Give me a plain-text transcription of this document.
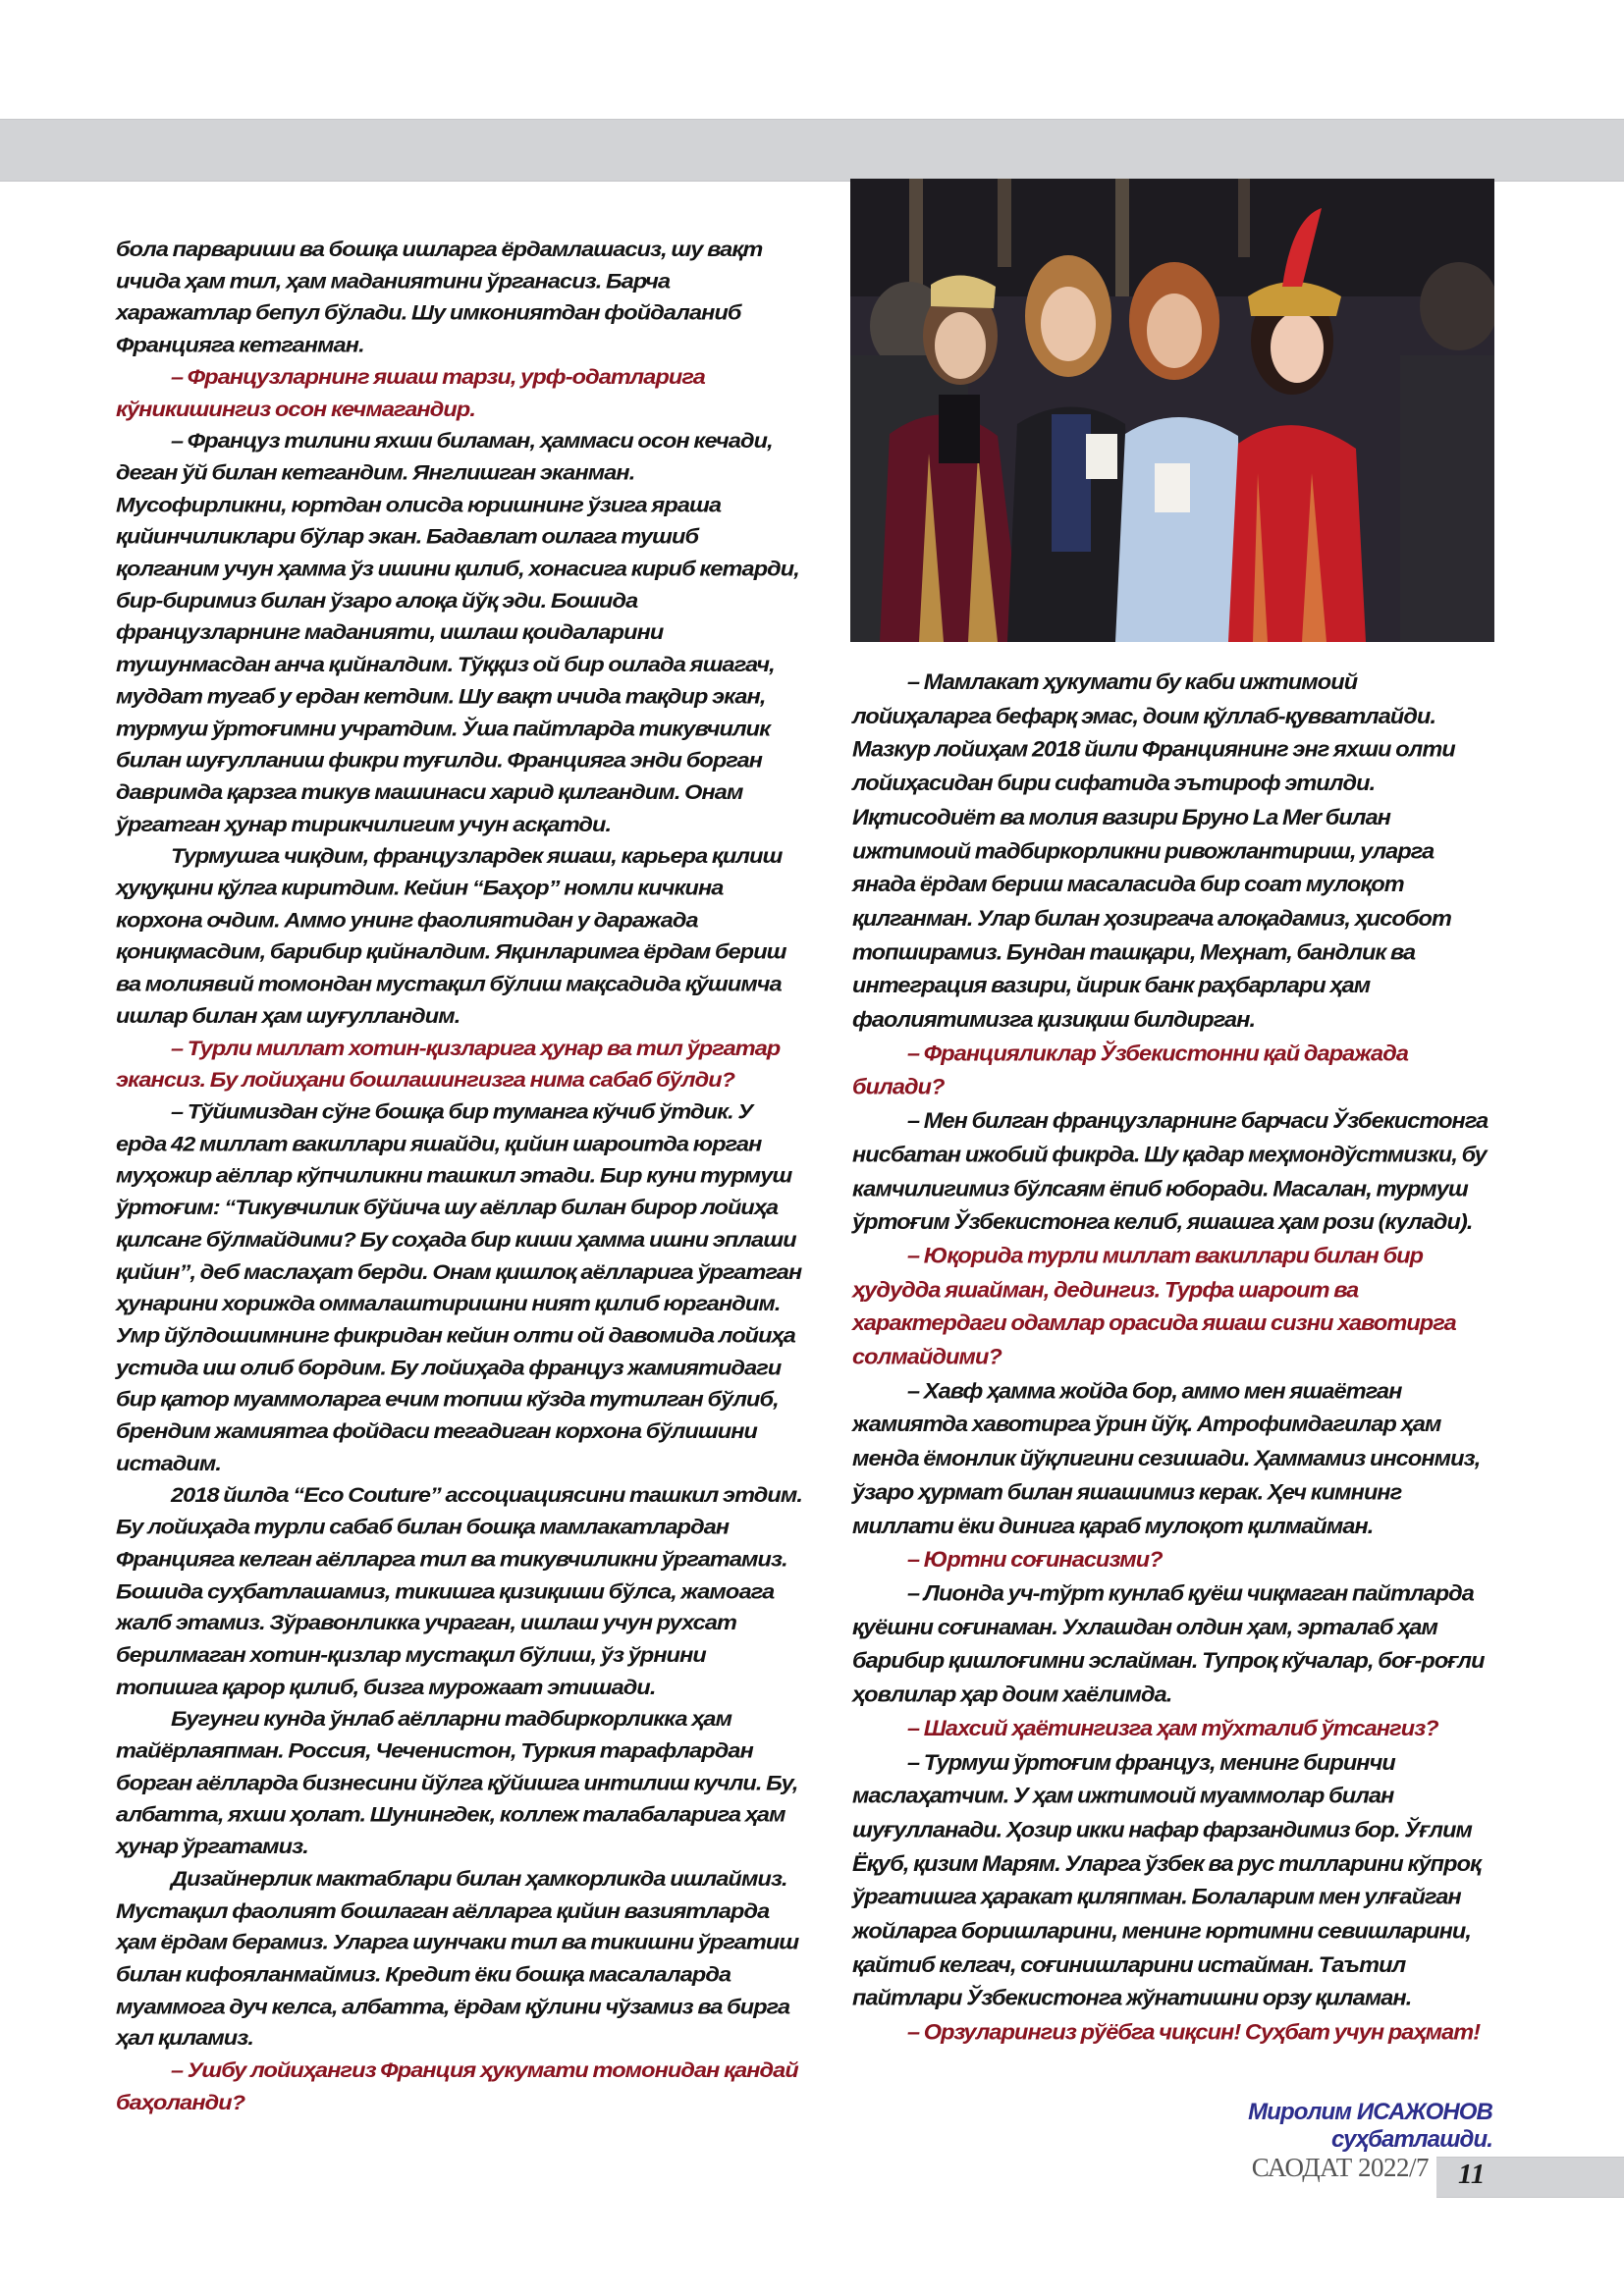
бола парвариши ва бошқа ишларга ёрдамлашасиз, шу вақт ичида ҳам тил, ҳам маданиятини ўрганасиз. Барча харажатлар бепул бўлади. Шу имкониятдан фойдаланиб Францияга кетганман.

– Французларнинг яшаш тарзи, урф-одатларига кўникишингиз осон кечмагандир.

– Француз тилини яхши биламан, ҳаммаси осон кечади, деган ўй билан кетгандим. Янглишган эканман. Мусофирликни, юртдан олисда юришнинг ўзига яраша қийинчиликлари бўлар экан. Бадавлат оилага тушиб қолганим учун ҳамма ўз ишини қилиб, хонасига кириб кетарди, бир-биримиз билан ўзаро алоқа йўқ эди. Бошида французларнинг маданияти, ишлаш қоидаларини тушунмасдан анча қийналдим. Тўққиз ой бир оилада яшагач, муддат тугаб у ердан кетдим. Шу вақт ичида тақдир экан, турмуш ўртоғимни учратдим. Ўша пайтларда тикувчилик билан шуғулланиш фикри туғилди. Францияга энди борган давримда қарзга тикув машинаси харид қилгандим. Онам ўргатган ҳунар тирикчилигим учун асқатди.

Турмушга чиқдим, французлардек яшаш, карьера қилиш ҳуқуқини қўлга киритдим. Кейин “Баҳор” номли кичкина корхона очдим. Аммо унинг фаолиятидан у даражада қониқмасдим, барибир қийналдим. Яқинларимга ёрдам бериш ва молиявий томондан мустақил бўлиш мақсадида қўшимча ишлар билан ҳам шуғулландим.

– Турли миллат хотин-қизларига ҳунар ва тил ўргатар экансиз. Бу лойиҳани бошлашингизга нима сабаб бўлди?

– Тўйимиздан сўнг бошқа бир туманга кўчиб ўтдик. У ерда 42 миллат вакиллари яшайди, қийин шароитда юрган муҳожир аёллар кўпчиликни ташкил этади. Бир куни турмуш ўртоғим: “Тикувчилик бўйича шу аёллар билан бирор лойиҳа қилсанг бўлмайдими? Бу соҳада бир киши ҳамма ишни эплаши қийин”, деб маслаҳат берди. Онам қишлоқ аёлларига ўргатган ҳунарини хорижда оммалаштиришни ният қилиб юргандим. Умр йўлдошимнинг фикридан кейин олти ой давомида лойиҳа устида иш олиб бордим. Бу лойиҳада француз жамиятидаги бир қатор муаммоларга ечим топиш кўзда тутилган бўлиб, брендим жамиятга фойдаси тегадиган корхона бўлишини истадим.

2018 йилда “Eco Couture” ассоциациясини ташкил этдим. Бу лойиҳада турли сабаб билан бошқа мамлакатлардан Францияга келган аёлларга тил ва тикувчиликни ўргатамиз. Бошида суҳбатлашамиз, тикишга қизиқиши бўлса, жамоага жалб этамиз. Зўравонликка учраган, ишлаш учун рухсат берилмаган хотин-қизлар мустақил бўлиш, ўз ўрнини топишга қарор қилиб, бизга мурожаат этишади.

Бугунги кунда ўнлаб аёлларни тадбиркорликка ҳам тайёрлаяпман. Россия, Чеченистон, Туркия тарафлардан борган аёлларда бизнесини йўлга қўйишга интилиш кучли. Бу, албатта, яхши ҳолат. Шунингдек, коллеж талабаларига ҳам ҳунар ўргатамиз.

Дизайнерлик мактаблари билан ҳамкорликда ишлаймиз. Мустақил фаолият бошлаган аёлларга қийин вазиятларда ҳам ёрдам берамиз. Уларга шунчаки тил ва тикишни ўргатиш билан кифояланмаймиз. Кредит ёки бошқа масалаларда муаммога дуч келса, албатта, ёрдам қўлини чўзамиз ва бирга ҳал қиламиз.

– Ушбу лойиҳангиз Франция ҳукумати томонидан қандай баҳоланди?

– Мамлакат ҳукумати бу каби ижтимоий лойиҳаларга бефарқ эмас, доим қўллаб-қувватлайди. Мазкур лойиҳам 2018 йили Франциянинг энг яхши олти лойиҳасидан бири сифатида эътироф этилди. Иқтисодиёт ва молия вазири Бруно La Mer билан ижтимоий тадбиркорликни ривожлантириш, уларга янада ёрдам бериш масаласида бир соат мулоқот қилганман. Улар билан ҳозиргача алоқадамиз, ҳисобот топширамиз. Бундан ташқари, Меҳнат, бандлик ва интеграция вазири, йирик банк раҳбарлари ҳам фаолиятимизга қизиқиш билдирган.

– Францияликлар Ўзбекистонни қай даражада билади?

– Мен билган французларнинг барчаси Ўзбекистонга нисбатан ижобий фикрда. Шу қадар меҳмондўстмизки, бу камчилигимиз бўлсаям ёпиб юборади. Масалан, турмуш ўртоғим Ўзбекистонга келиб, яшашга ҳам рози (кулади).

– Юқорида турли миллат вакиллари билан бир ҳудудда яшайман, дедингиз. Турфа шароит ва характердаги одамлар орасида яшаш сизни хавотирга солмайдими?

– Хавф ҳамма жойда бор, аммо мен яшаётган жамиятда хавотирга ўрин йўқ. Атрофимдагилар ҳам менда ёмонлик йўқлигини сезишади. Ҳаммамиз инсонмиз, ўзаро ҳурмат билан яшашимиз керак. Ҳеч кимнинг миллати ёки динига қараб мулоқот қилмайман.

– Юртни соғинасизми?

– Лионда уч-тўрт кунлаб қуёш чиқмаган пайтларда қуёшни соғинаман. Ухлашдан олдин ҳам, эрталаб ҳам барибир қишлоғимни эслайман. Тупроқ кўчалар, боғ-роғли ҳовлилар ҳар доим хаёлимда.

– Шахсий ҳаётингизга ҳам тўхталиб ўтсангиз?

– Турмуш ўртоғим француз, менинг биринчи маслаҳатчим. У ҳам ижтимоий муаммолар билан шуғулланади. Ҳозир икки нафар фарзандимиз бор. Ўғлим Ёқуб, қизим Марям. Уларга ўзбек ва рус тилларини кўпроқ ўргатишга ҳаракат қиляпман. Болаларим мен улғайган жойларга боришларини, менинг юртимни севишларини, қайтиб келгач, соғинишларини истайман. Таътил пайтлари Ўзбекистонга жўнатишни орзу қиламан.

– Орзуларингиз рўёбга чиқсин! Суҳбат учун раҳмат!

Миролим ИСАЖОНОВ суҳбатлашди.
САОДАТ 2022/7 11
